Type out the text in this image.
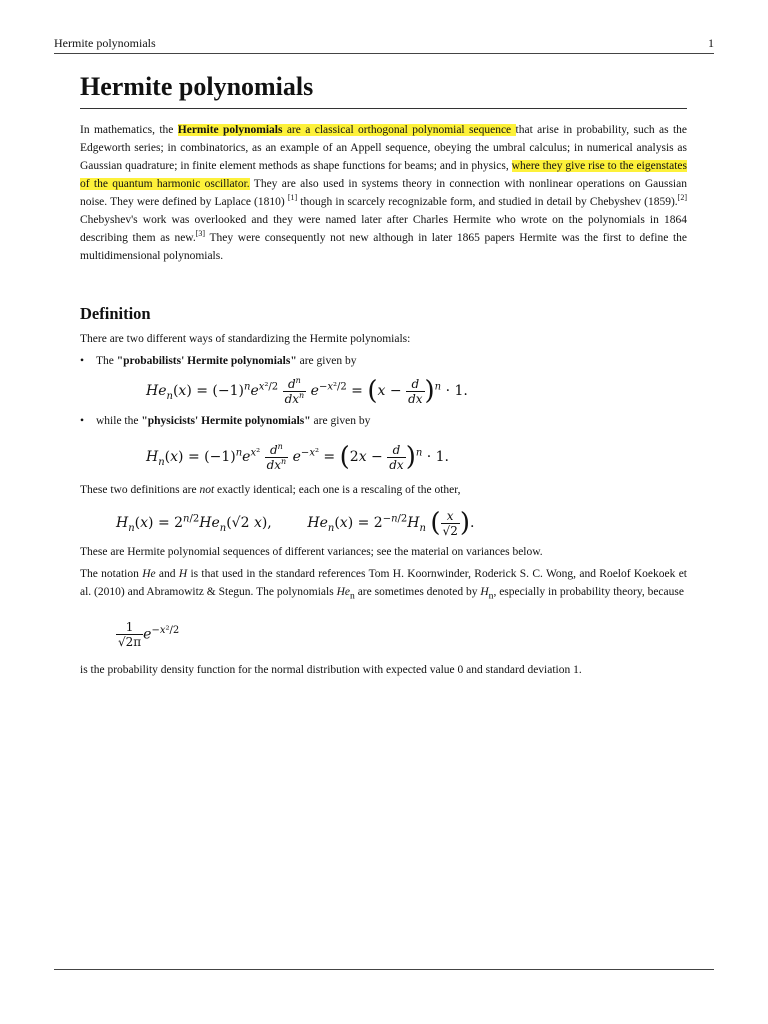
Hermite polynomials	1
Hermite polynomials

In mathematics, the Hermite polynomials are a classical orthogonal polynomial sequence that arise in probability, such as the Edgeworth series; in combinatorics, as an example of an Appell sequence, obeying the umbral calculus; in numerical analysis as Gaussian quadrature; in finite element methods as shape functions for beams; and in physics, where they give rise to the eigenstates of the quantum harmonic oscillator. They are also used in systems theory in connection with nonlinear operations on Gaussian noise. They were defined by Laplace (1810) [1] though in scarcely recognizable form, and studied in detail by Chebyshev (1859).[2] Chebyshev's work was overlooked and they were named later after Charles Hermite who wrote on the polynomials in 1864 describing them as new.[3] They were consequently not new although in later 1865 papers Hermite was the first to define the multidimensional polynomials.

Definition

There are two different ways of standardizing the Hermite polynomials:

• The "probabilists' Hermite polynomials" are given by
$He_n(x) = (-1)^ne^{x^2/2} \frac{d^n}{dx^n} e^{-x^2/2} = (x - \frac{d}{dx} )^n \cdot 1$.
• while the "physicists' Hermite polynomials" are given by
$H_n(x) = (-1)^ne^{x^2} \frac{d^n}{dx^n} e^{-x^2} = (2x - \frac{d}{dx} )^n \cdot 1$.

These two definitions are not exactly identical; each one is a rescaling of the other,

$H_n(x) = 2^{n/2}He_n(√2$ x),        $He_n(x) = 2^{-n/2}H_n$ ( $\frac{x}{√2}$ ).

These are Hermite polynomial sequences of different variances; see the material on variances below.

The notation He and H is that used in the standard references Tom H. Koornwinder, Roderick S. C. Wong, and Roelof Koekoek et al. (2010) and Abramowitz & Stegun. The polynomials $He_n$ are sometimes denoted by $H_n$, especially in probability theory, because

$\frac{1}{√2\pi} e^{-x^2/2}$

is the probability density function for the normal distribution with expected value 0 and standard deviation 1.
